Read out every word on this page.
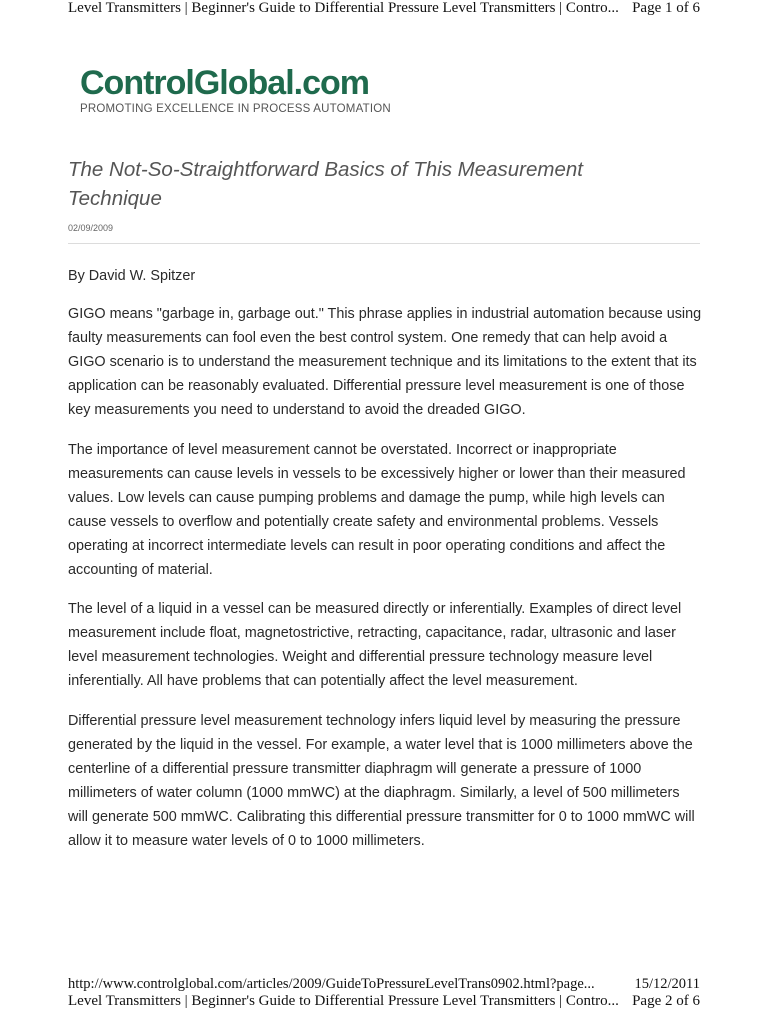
Level Transmitters | Beginner's Guide to Differential Pressure Level Transmitters | Contro... Page 1 of 6
ControlGlobal.com
PROMOTING EXCELLENCE IN PROCESS AUTOMATION
The Not-So-Straightforward Basics of This Measurement Technique
02/09/2009

By David W. Spitzer

GIGO means "garbage in, garbage out." This phrase applies in industrial automation because using faulty measurements can fool even the best control system. One remedy that can help avoid a GIGO scenario is to understand the measurement technique and its limitations to the extent that its application can be reasonably evaluated. Differential pressure level measurement is one of those key measurements you need to understand to avoid the dreaded GIGO.

The importance of level measurement cannot be overstated. Incorrect or inappropriate measurements can cause levels in vessels to be excessively higher or lower than their measured values. Low levels can cause pumping problems and damage the pump, while high levels can cause vessels to overflow and potentially create safety and environmental problems. Vessels operating at incorrect intermediate levels can result in poor operating conditions and affect the accounting of material.

The level of a liquid in a vessel can be measured directly or inferentially. Examples of direct level measurement include float, magnetostrictive, retracting, capacitance, radar, ultrasonic and laser level measurement technologies. Weight and differential pressure technology measure level inferentially. All have problems that can potentially affect the level measurement.

Differential pressure level measurement technology infers liquid level by measuring the pressure generated by the liquid in the vessel. For example, a water level that is 1000 millimeters above the centerline of a differential pressure transmitter diaphragm will generate a pressure of 1000 millimeters of water column (1000 mmWC) at the diaphragm. Similarly, a level of 500 millimeters will generate 500 mmWC. Calibrating this differential pressure transmitter for 0 to 1000 mmWC will allow it to measure water levels of 0 to 1000 millimeters.

http://www.controlglobal.com/articles/2009/GuideToPressureLevelTrans0902.html?page...	15/12/2011
Level Transmitters | Beginner's Guide to Differential Pressure Level Transmitters | Contro... Page 2 of 6
